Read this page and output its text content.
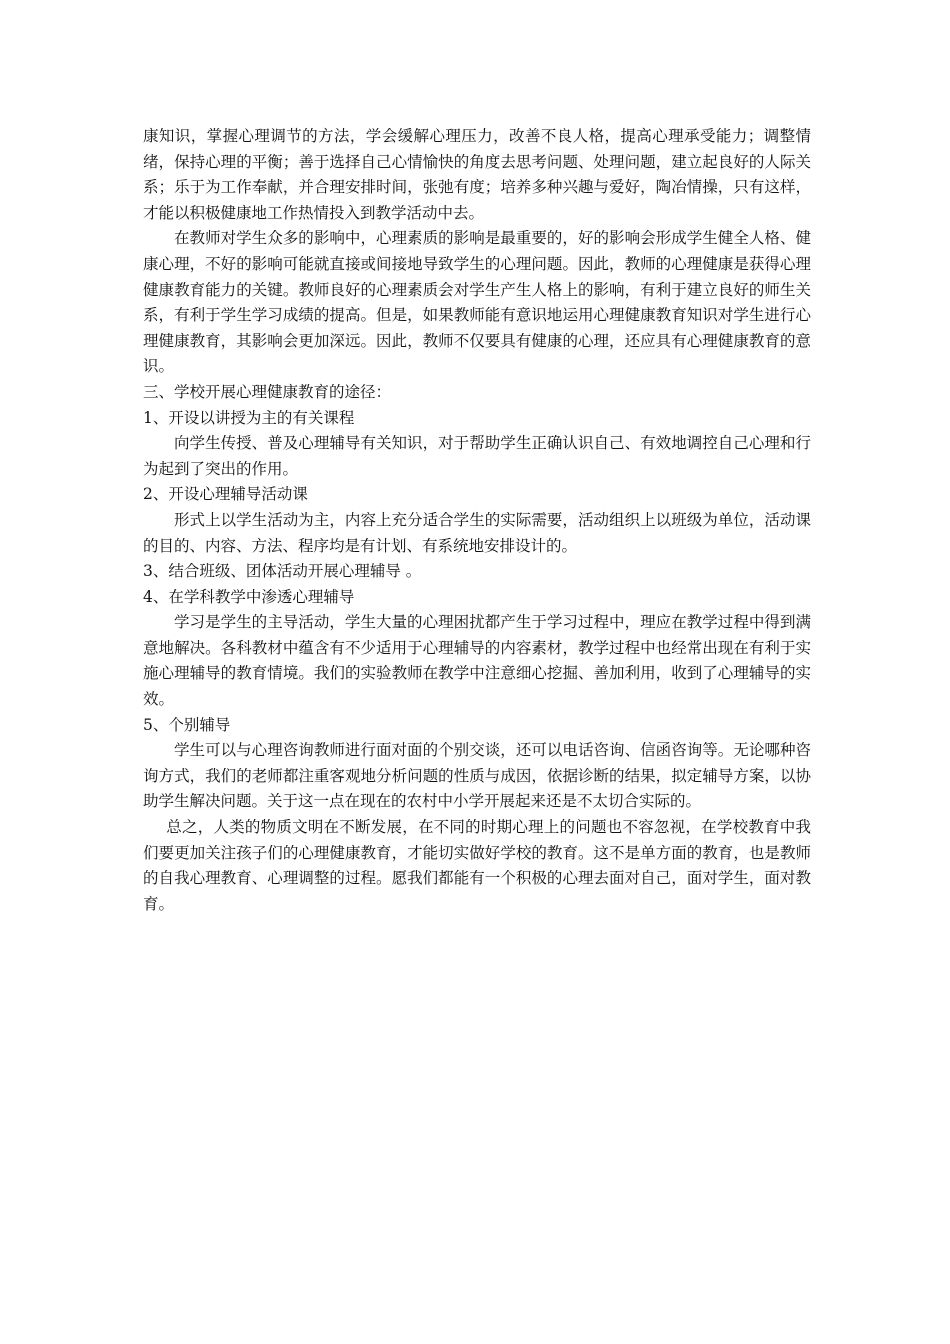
康知识，掌握心理调节的方法，学会缓解心理压力，改善不良人格，提高心理承受能力；调整情绪，保持心理的平衡；善于选择自己心情愉快的角度去思考问题、处理问题，建立起良好的人际关系；乐于为工作奉献，并合理安排时间，张弛有度；培养多种兴趣与爱好，陶冶情操，只有这样，才能以积极健康地工作热情投入到教学活动中去。

在教师对学生众多的影响中，心理素质的影响是最重要的，好的影响会形成学生健全人格、健康心理，不好的影响可能就直接或间接地导致学生的心理问题。因此，教师的心理健康是获得心理健康教育能力的关键。教师良好的心理素质会对学生产生人格上的影响，有利于建立良好的师生关系，有利于学生学习成绩的提高。但是，如果教师能有意识地运用心理健康教育知识对学生进行心理健康教育，其影响会更加深远。因此，教师不仅要具有健康的心理，还应具有心理健康教育的意识。

三、学校开展心理健康教育的途径：

1、开设以讲授为主的有关课程

向学生传授、普及心理辅导有关知识，对于帮助学生正确认识自己、有效地调控自己心理和行为起到了突出的作用。

2、开设心理辅导活动课

形式上以学生活动为主，内容上充分适合学生的实际需要，活动组织上以班级为单位，活动课的目的、内容、方法、程序均是有计划、有系统地安排设计的。

3、结合班级、团体活动开展心理辅导 。

4、在学科教学中渗透心理辅导

学习是学生的主导活动，学生大量的心理困扰都产生于学习过程中，理应在教学过程中得到满意地解决。各科教材中蕴含有不少适用于心理辅导的内容素材，教学过程中也经常出现在有利于实施心理辅导的教育情境。我们的实验教师在教学中注意细心挖掘、善加利用，收到了心理辅导的实效。

5、个别辅导

学生可以与心理咨询教师进行面对面的个别交谈，还可以电话咨询、信函咨询等。无论哪种咨询方式，我们的老师都注重客观地分析问题的性质与成因，依据诊断的结果，拟定辅导方案，以协助学生解决问题。关于这一点在现在的农村中小学开展起来还是不太切合实际的。

总之，人类的物质文明在不断发展，在不同的时期心理上的问题也不容忽视，在学校教育中我们要更加关注孩子们的心理健康教育，才能切实做好学校的教育。这不是单方面的教育，也是教师的自我心理教育、心理调整的过程。愿我们都能有一个积极的心理去面对自己，面对学生，面对教育。
